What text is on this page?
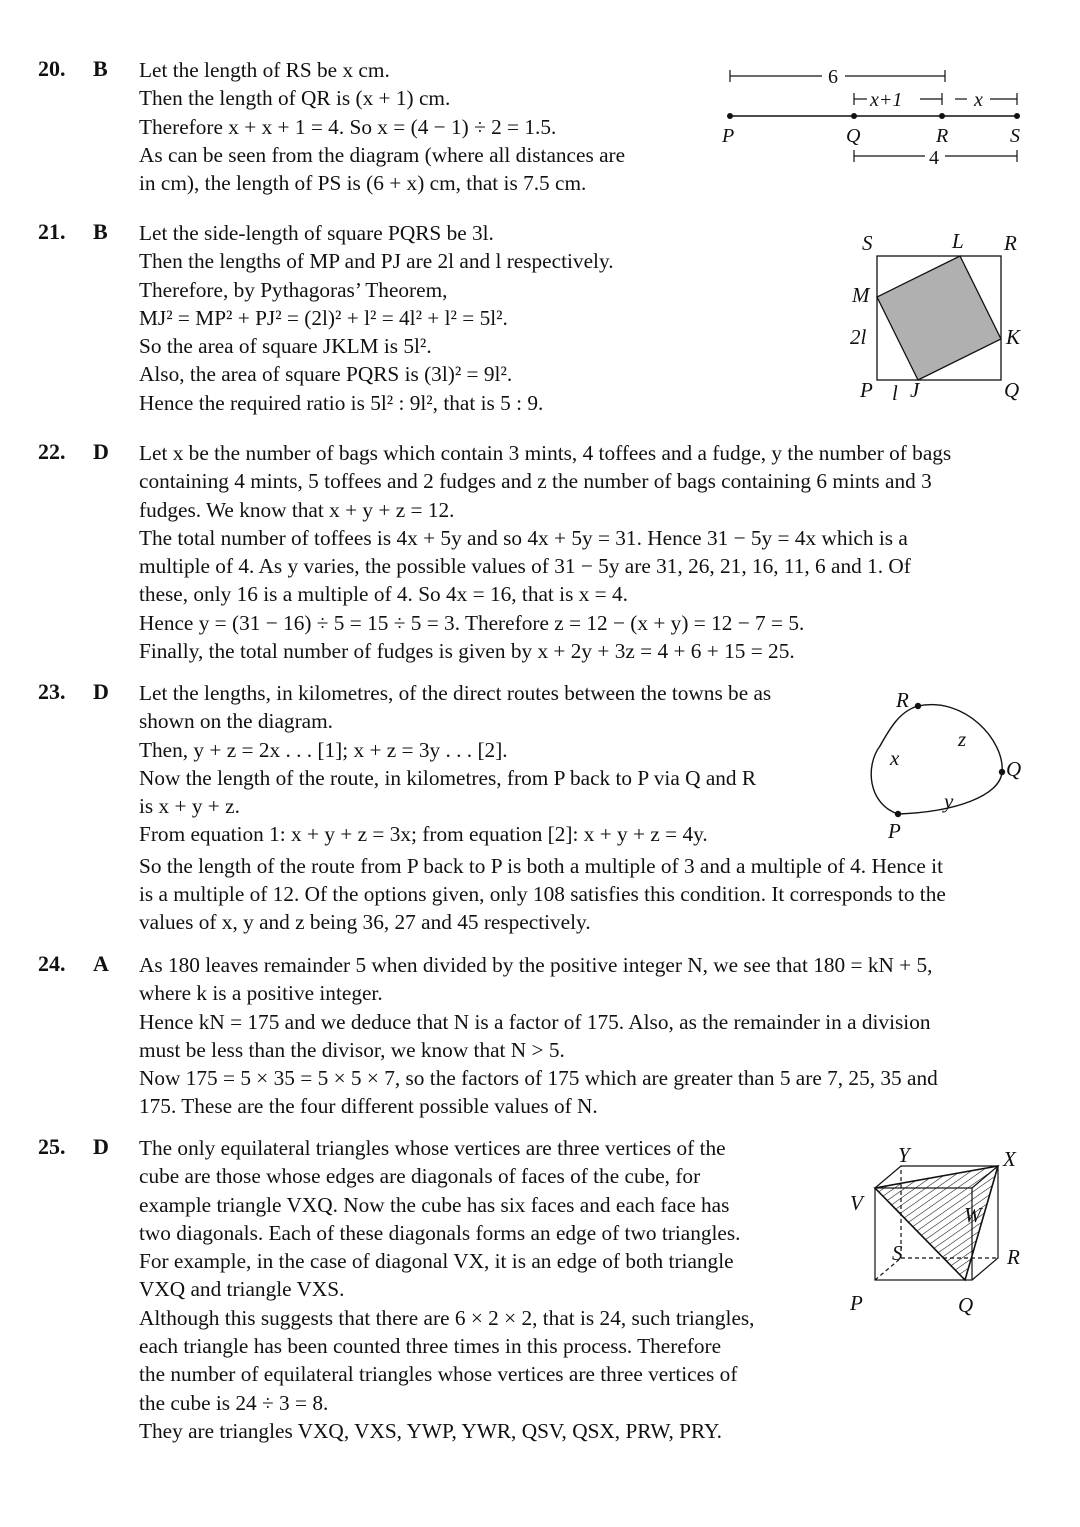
20. B Let the length of RS be x cm.
Then the length of QR is (x + 1) cm.
Therefore x + x + 1 = 4. So x = (4 − 1) ÷ 2 = 1.5.
As can be seen from the diagram (where all distances are
in cm), the length of PS is (6 + x) cm, that is 7.5 cm.
6
x+1	x
P	Q	R	S
4
21. B Let the side-length of square PQRS be 3l.
Then the lengths of MP and PJ are 2l and l respectively.
Therefore, by Pythagoras’ Theorem,
MJ² = MP² + PJ² = (2l)² + l² = 4l² + l² = 5l².
So the area of square JKLM is 5l².
Also, the area of square PQRS is (3l)² = 9l².
Hence the required ratio is 5l² : 9l², that is 5 : 9.
S	L R
M
2l	K
P l J	Q
22. D Let x be the number of bags which contain 3 mints, 4 toffees and a fudge, y the number of bags
containing 4 mints, 5 toffees and 2 fudges and z the number of bags containing 6 mints and 3
fudges. We know that x + y + z = 12.
The total number of toffees is 4x + 5y and so 4x + 5y = 31. Hence 31 − 5y = 4x which is a
multiple of 4. As y varies, the possible values of 31 − 5y are 31, 26, 21, 16, 11, 6 and 1. Of
these, only 16 is a multiple of 4. So 4x = 16, that is x = 4.
Hence y = (31 − 16) ÷ 5 = 15 ÷ 5 = 3. Therefore z = 12 − (x + y) = 12 − 7 = 5.
Finally, the total number of fudges is given by x + 2y + 3z = 4 + 6 + 15 = 25.
23. D Let the lengths, in kilometres, of the direct routes between the towns be as
shown on the diagram.
Then, y + z = 2x . . . [1]; x + z = 3y . . . [2].
Now the length of the route, in kilometres, from P back to P via Q and R
is x + y + z.
From equation 1: x + y + z = 3x; from equation [2]: x + y + z = 4y.
So the length of the route from P back to P is both a multiple of 3 and a multiple of 4. Hence it
is a multiple of 12. Of the options given, only 108 satisfies this condition. It corresponds to the
values of x, y and z being 36, 27 and 45 respectively.
R
z
x	Q
y
P
24. A As 180 leaves remainder 5 when divided by the positive integer N, we see that 180 = kN + 5,
where k is a positive integer.
Hence kN = 175 and we deduce that N is a factor of 175. Also, as the remainder in a division
must be less than the divisor, we know that N > 5.
Now 175 = 5 × 35 = 5 × 5 × 7, so the factors of 175 which are greater than 5 are 7, 25, 35 and
175. These are the four different possible values of N.
25. D The only equilateral triangles whose vertices are three vertices of the
cube are those whose edges are diagonals of faces of the cube, for
example triangle VXQ. Now the cube has six faces and each face has
two diagonals. Each of these diagonals forms an edge of two triangles.
For example, in the case of diagonal VX, it is an edge of both triangle
VXQ and triangle VXS.
Although this suggests that there are 6 × 2 × 2, that is 24, such triangles,
each triangle has been counted three times in this process. Therefore
the number of equilateral triangles whose vertices are three vertices of
the cube is 24 ÷ 3 = 8.
They are triangles VXQ, VXS, YWP, YWR, QSV, QSX, PRW, PRY.
Y	X
V	W
S	R
P	Q
